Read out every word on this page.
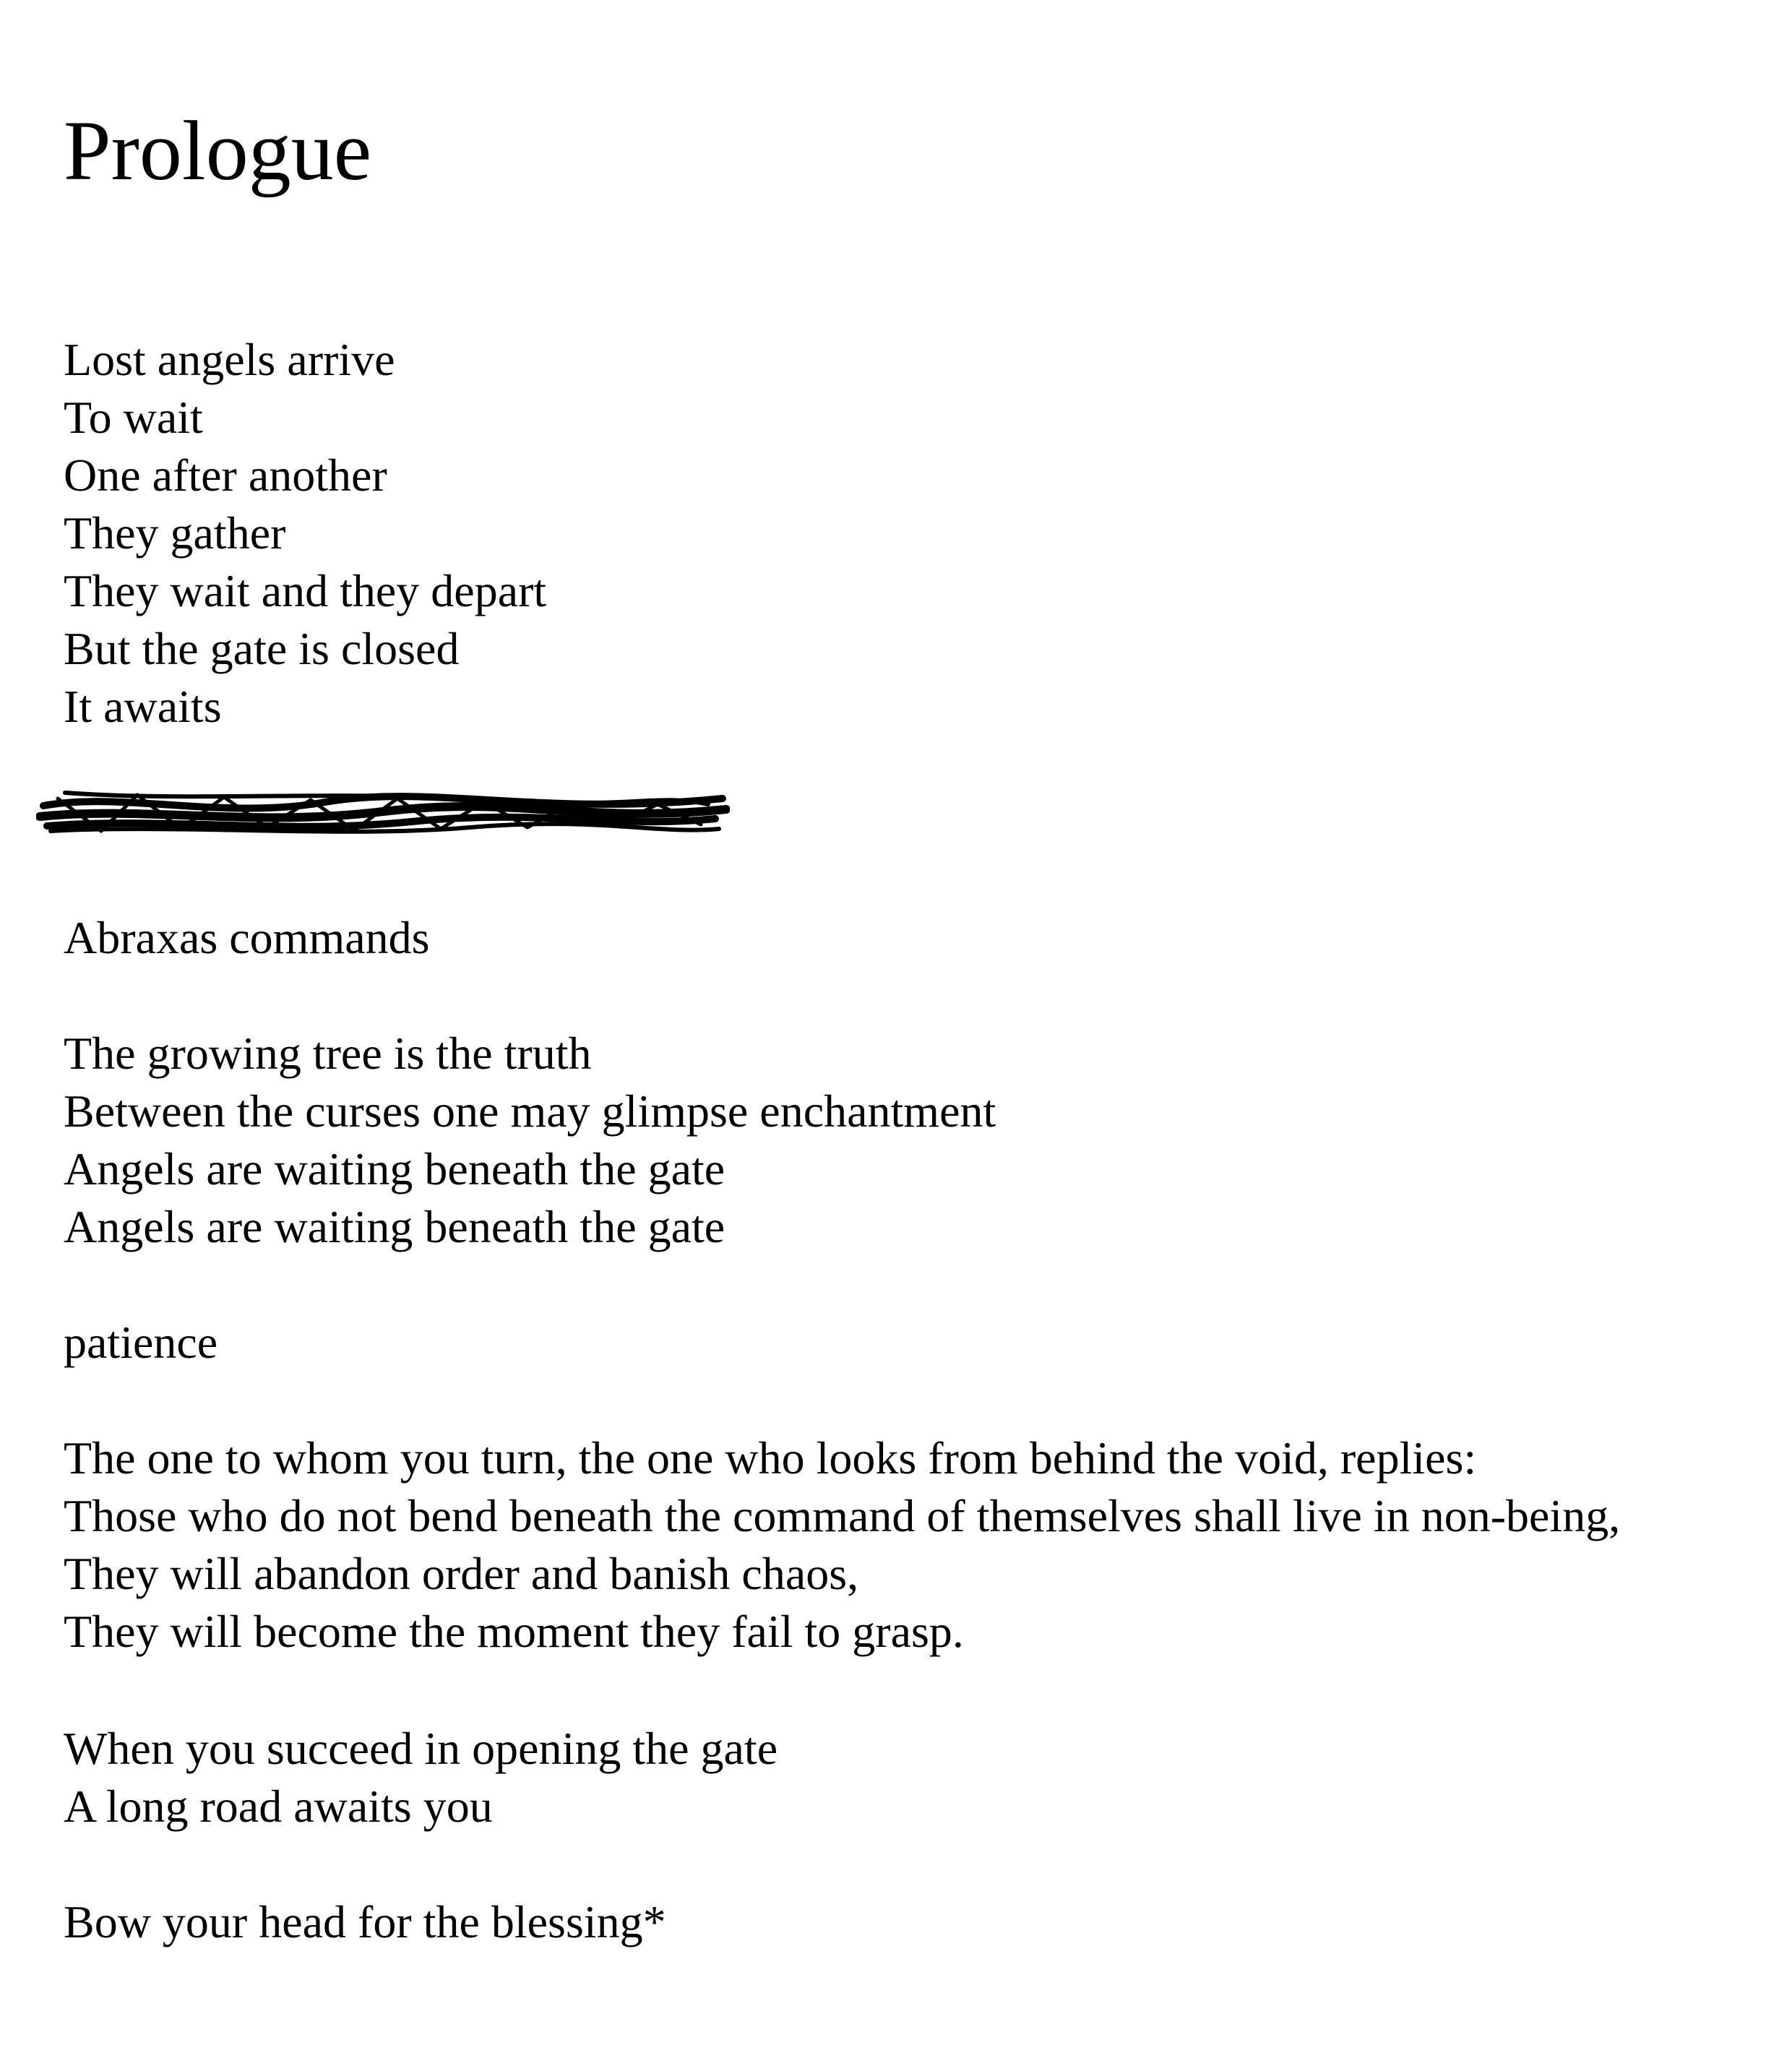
Prologue
Lost angels arrive
To wait
One after another
They gather
They wait and they depart
But the gate is closed
It awaits

Abraxas commands

The growing tree is the truth
Between the curses one may glimpse enchantment
Angels are waiting beneath the gate
Angels are waiting beneath the gate

patience

The one to whom you turn, the one who looks from behind the void, replies:
Those who do not bend beneath the command of themselves shall live in non-being,
They will abandon order and banish chaos,
They will become the moment they fail to grasp.
When you succeed in opening the gate
A long road awaits you

Bow your head for the blessing*
